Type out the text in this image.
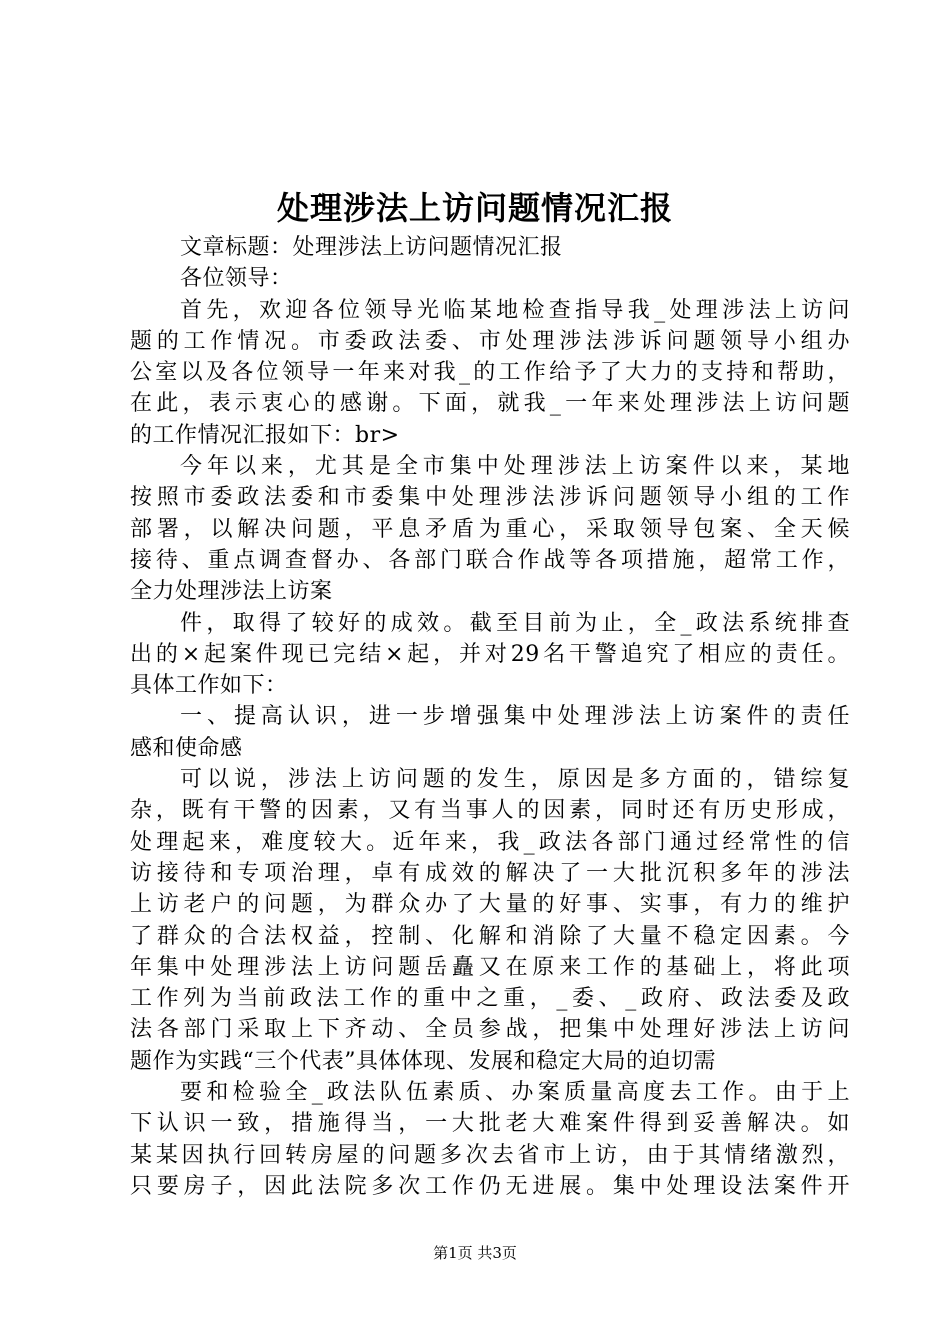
处理涉法上访问题情况汇报
文章标题：处理涉法上访问题情况汇报
各位领导：
首先，欢迎各位领导光临某地检查指导我_处理涉法上访问
题的工作情况。市委政法委、市处理涉法涉诉问题领导小组办
公室以及各位领导一年来对我_的工作给予了大力的支持和帮助，
在此，表示衷心的感谢。下面，就我_一年来处理涉法上访问题
的工作情况汇报如下：br>
今年以来，尤其是全市集中处理涉法上访案件以来，某地
按照市委政法委和市委集中处理涉法涉诉问题领导小组的工作
部署，以解决问题，平息矛盾为重心，采取领导包案、全天候
接待、重点调查督办、各部门联合作战等各项措施，超常工作，
全力处理涉法上访案
件，取得了较好的成效。截至目前为止，全_政法系统排查
出的×起案件现已完结×起，并对29名干警追究了相应的责任。
具体工作如下：
一、提高认识，进一步增强集中处理涉法上访案件的责任
感和使命感
可以说，涉法上访问题的发生，原因是多方面的，错综复
杂，既有干警的因素，又有当事人的因素，同时还有历史形成，
处理起来，难度较大。近年来，我_政法各部门通过经常性的信
访接待和专项治理，卓有成效的解决了一大批沉积多年的涉法
上访老户的问题，为群众办了大量的好事、实事，有力的维护
了群众的合法权益，控制、化解和消除了大量不稳定因素。今
年集中处理涉法上访问题岳矗又在原来工作的基础上，将此项
工作列为当前政法工作的重中之重，_委、_政府、政法委及政
法各部门采取上下齐动、全员参战，把集中处理好涉法上访问
题作为实践“三个代表”具体体现、发展和稳定大局的迫切需
要和检验全_政法队伍素质、办案质量高度去工作。由于上
下认识一致，措施得当，一大批老大难案件得到妥善解决。如
某某因执行回转房屋的问题多次去省市上访，由于其情绪激烈，
只要房子，因此法院多次工作仍无进展。集中处理设法案件开
第1页 共3页
